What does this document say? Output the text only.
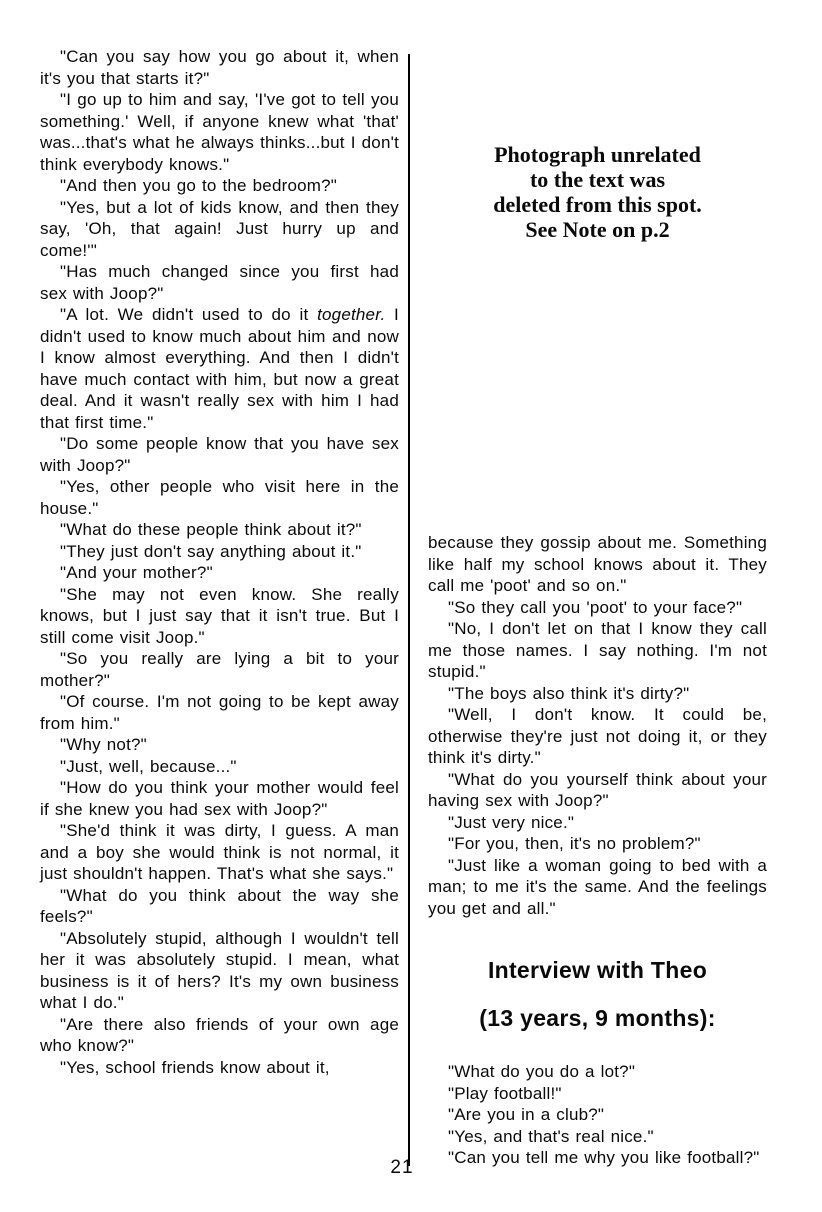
"Can you say how you go about it, when it's you that starts it?"

"I go up to him and say, 'I've got to tell you something.' Well, if anyone knew what 'that' was...that's what he always thinks...but I don't think everybody knows."

"And then you go to the bedroom?"

"Yes, but a lot of kids know, and then they say, 'Oh, that again! Just hurry up and come!'"

"Has much changed since you first had sex with Joop?"

"A lot. We didn't used to do it together. I didn't used to know much about him and now I know almost everything. And then I didn't have much contact with him, but now a great deal. And it wasn't really sex with him I had that first time."

"Do some people know that you have sex with Joop?"

"Yes, other people who visit here in the house."

"What do these people think about it?"

"They just don't say anything about it."

"And your mother?"

"She may not even know. She really knows, but I just say that it isn't true. But I still come visit Joop."

"So you really are lying a bit to your mother?"

"Of course. I'm not going to be kept away from him."

"Why not?"

"Just, well, because..."

"How do you think your mother would feel if she knew you had sex with Joop?"

"She'd think it was dirty, I guess. A man and a boy she would think is not normal, it just shouldn't happen. That's what she says."

"What do you think about the way she feels?"

"Absolutely stupid, although I wouldn't tell her it was absolutely stupid. I mean, what business is it of hers? It's my own business what I do."

"Are there also friends of your own age who know?"

"Yes, school friends know about it,

Photograph unrelated
to the text was
deleted from this spot.
See Note on p.2

because they gossip about me. Something like half my school knows about it. They call me 'poot' and so on."

"So they call you 'poot' to your face?"

"No, I don't let on that I know they call me those names. I say nothing. I'm not stupid."

"The boys also think it's dirty?"

"Well, I don't know. It could be, otherwise they're just not doing it, or they think it's dirty."

"What do you yourself think about your having sex with Joop?"

"Just very nice."

"For you, then, it's no problem?"

"Just like a woman going to bed with a man; to me it's the same. And the feelings you get and all."

Interview with Theo
(13 years, 9 months):

"What do you do a lot?"

"Play football!"

"Are you in a club?"

"Yes, and that's real nice."

"Can you tell me why you like football?"

21
